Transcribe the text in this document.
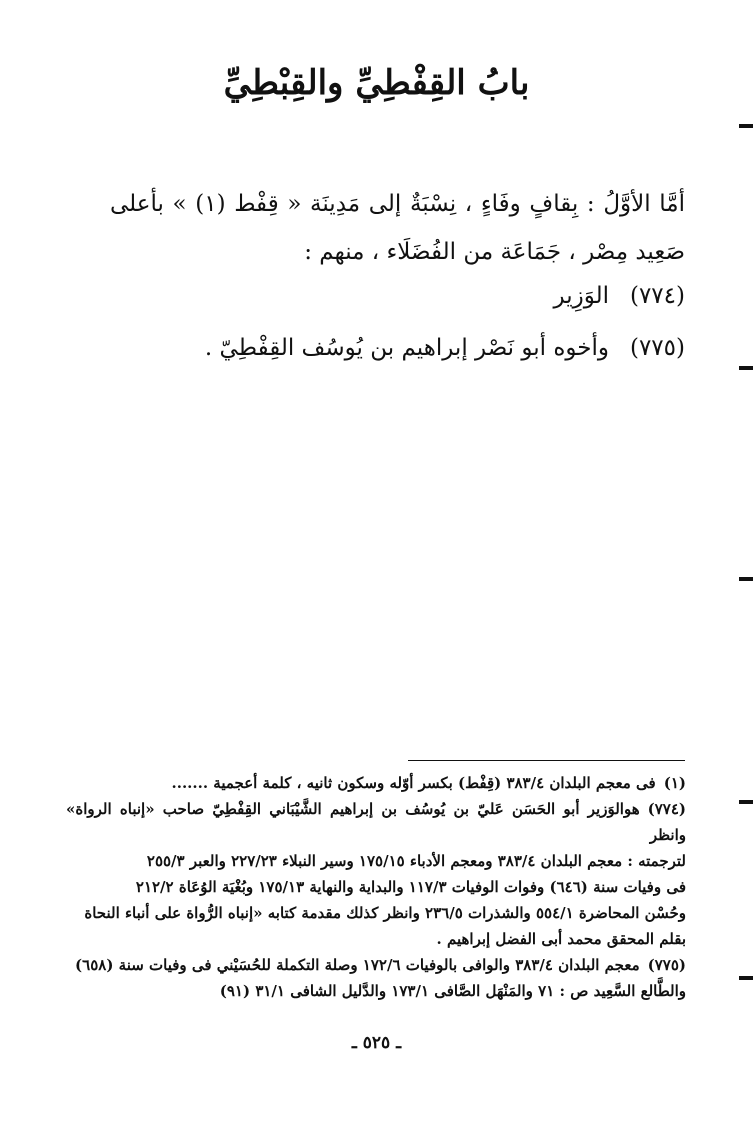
بابُ القِفْطِيِّ والقِبْطِيِّ
أمَّا الأوَّلُ : بِقافٍ وفَاءٍ ، نِسْبَةٌ إلى مَدِينَة « قِفْط (١) » بأعلى صَعِيد مِصْر ، جَمَاعَة من الفُضَلَاء ، منهم :
(٧٧٤)الوَزِير
(٧٧٥)وأخوه أبو نَصْر إبراهيم بن يُوسُف القِفْطِيّ .
(١)فى معجم البلدان ٣٨٣/٤ (قِفْط) بكسر أوّله وسكون ثانيه ، كلمة أعجمية .......
(٧٧٤)هوالوَزير أبو الحَسَن عَليّ بن يُوسُف بن إبراهيم الشَّيْبَاني القِفْطِيّ صاحب «إنباه الرواة» وانظر
لترجمته : معجم البلدان ٣٨٣/٤ ومعجم الأدباء ١٧٥/١٥ وسير النبلاء ٢٢٧/٢٣ والعبر ٢٥٥/٣
فى وفيات سنة (٦٤٦) وفوات الوفيات ١١٧/٣ والبداية والنهاية ١٧٥/١٣ وبُغْيَة الوُعَاة ٢١٢/٢
وحُسْن المحاضرة ٥٥٤/١ والشذرات ٢٣٦/٥ وانظر كذلك مقدمة كتابه «إنباه الرُّواة على أنباء النحاة
بقلم المحقق محمد أبى الفضل إبراهيم .
(٧٧٥)معجم البلدان ٣٨٣/٤ والوافى بالوفيات ١٧٢/٦ وصلة التكملة للحُسَيْني فى وفيات سنة (٦٥٨)
والطَّالع السَّعِيد ص : ٧١ والمَنْهَل الصَّافى ١٧٣/١ والدَّليل الشافى ٣١/١ (٩١)
ـ ٥٢٥ ـ
